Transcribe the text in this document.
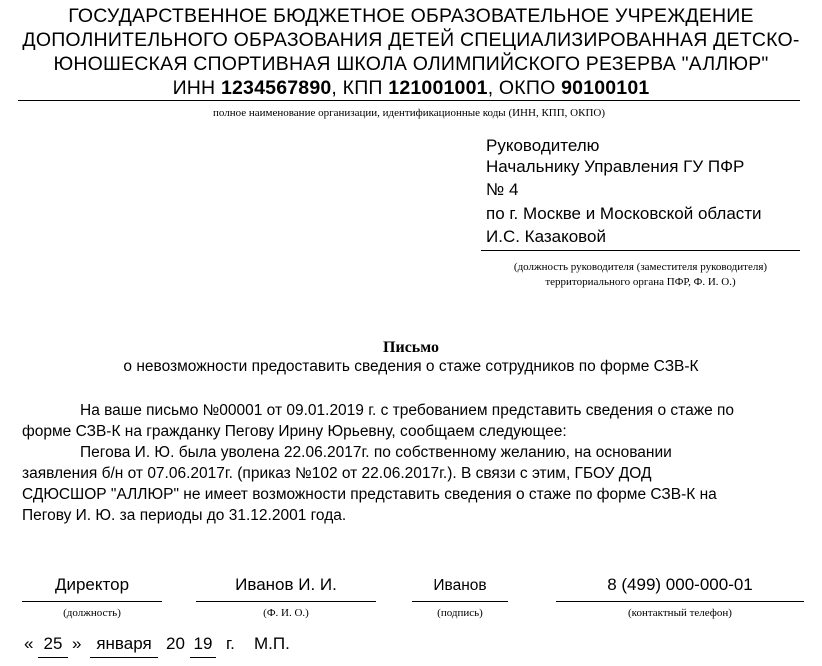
ГОСУДАРСТВЕННОЕ БЮДЖЕТНОЕ ОБРАЗОВАТЕЛЬНОЕ УЧРЕЖДЕНИЕ
ДОПОЛНИТЕЛЬНОГО ОБРАЗОВАНИЯ ДЕТЕЙ СПЕЦИАЛИЗИРОВАННАЯ ДЕТСКО-
ЮНОШЕСКАЯ СПОРТИВНАЯ ШКОЛА ОЛИМПИЙСКОГО РЕЗЕРВА "АЛЛЮР"
ИНН 1234567890, КПП 121001001, ОКПО 90100101
полное наименование организации, идентификационные коды (ИНН, КПП, ОКПО)
Руководителю
Начальнику Управления ГУ ПФР
№ 4
по г. Москве и Московской области
И.С. Казаковой
(должность руководителя (заместителя руководителя)
территориального органа ПФР, Ф. И. О.)
Письмо
о невозможности предоставить сведения о стаже сотрудников по форме СЗВ-К
На ваше письмо №00001 от 09.01.2019 г. с требованием представить сведения о стаже по
форме СЗВ-К на гражданку Пегову Ирину Юрьевну, сообщаем следующее:
Пегова И. Ю. была уволена 22.06.2017г. по собственному желанию, на основании
заявления б/н от 07.06.2017г. (приказ №102 от 22.06.2017г.). В связи с этим, ГБОУ ДОД
СДЮСШОР "АЛЛЮР" не имеет возможности представить сведения о стаже по форме СЗВ-К на
Пегову И. Ю. за периоды до 31.12.2001 года.
Директор
(должность)
Иванов И. И.
(Ф. И. О.)
Иванов
(подпись)
8 (499) 000-000-01
(контактный телефон)
« 25 » января 20 19 г. М.П.
